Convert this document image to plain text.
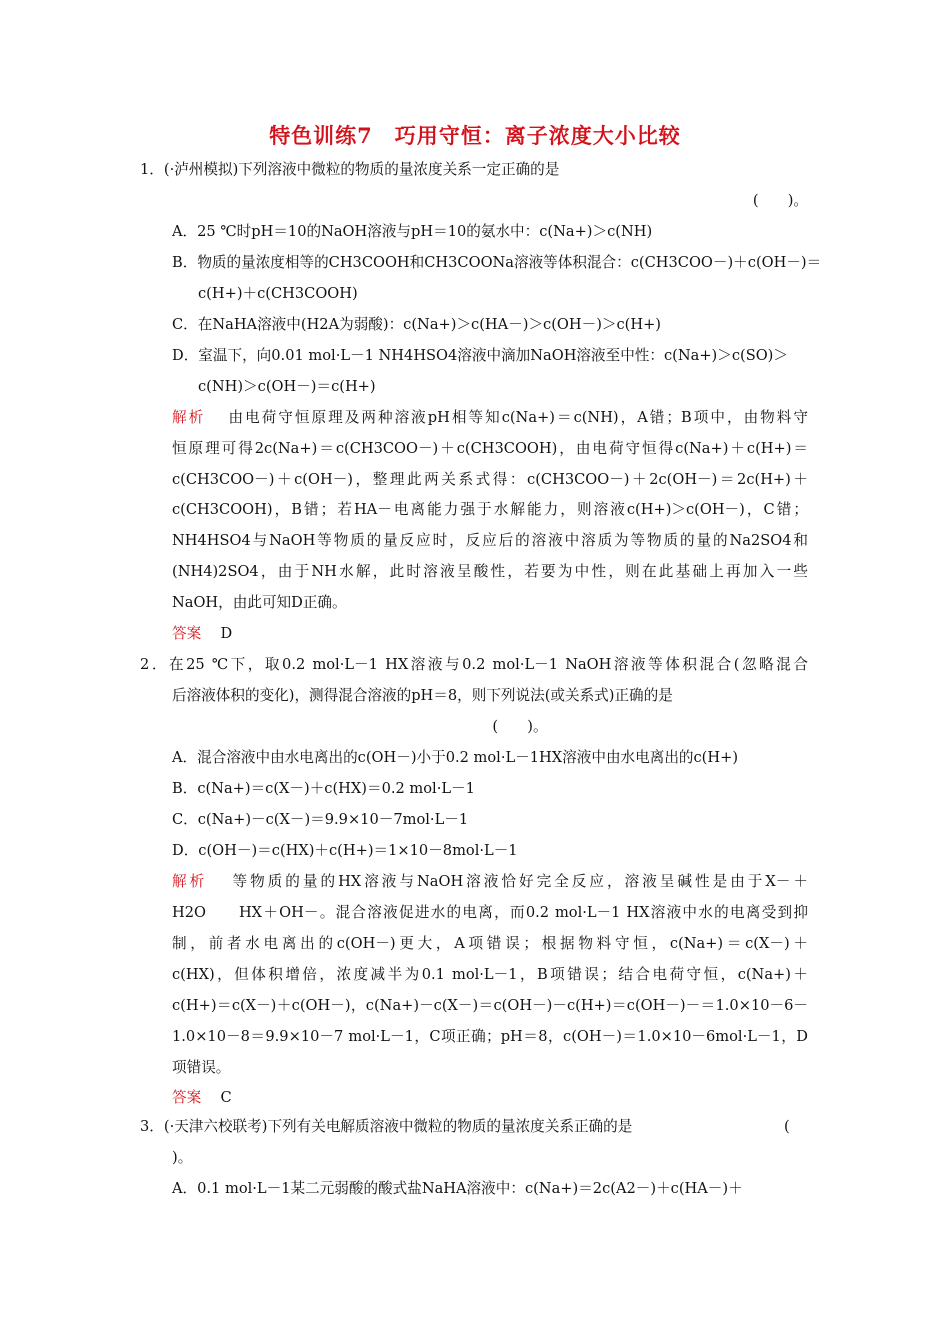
特色训练7　巧用守恒：离子浓度大小比较
1．(·泸州模拟)下列溶液中微粒的物质的量浓度关系一定正确的是
(　　)。
A．25 ℃时pH＝10的NaOH溶液与pH＝10的氨水中：c(Na+)＞c(NH)
B．物质的量浓度相等的CH3COOH和CH3COONa溶液等体积混合：c(CH3COO－)＋c(OH－)＝
c(H+)＋c(CH3COOH)
C．在NaHA溶液中(H2A为弱酸)：c(Na+)＞c(HA－)＞c(OH－)＞c(H+)
D．室温下，向0.01 mol·L－1 NH4HSO4溶液中滴加NaOH溶液至中性：c(Na+)＞c(SO)＞
c(NH)＞c(OH－)＝c(H+)
解析　 由电荷守恒原理及两种溶液pH相等知c(Na+)＝c(NH)，A错；B项中，由物料守
恒原理可得2c(Na+)＝c(CH3COO－)＋c(CH3COOH)，由电荷守恒得c(Na+)＋c(H+)＝
c(CH3COO－)＋c(OH－)，整理此两关系式得：c(CH3COO－)＋2c(OH－)＝2c(H+)＋
c(CH3COOH)，B错；若HA－电离能力强于水解能力，则溶液c(H+)＞c(OH－)，C错；
NH4HSO4与NaOH等物质的量反应时，反应后的溶液中溶质为等物质的量的Na2SO4和
(NH4)2SO4，由于NH水解，此时溶液呈酸性，若要为中性，则在此基础上再加入一些
NaOH，由此可知D正确。
答案　 D
2．在25 ℃下，取0.2 mol·L－1 HX溶液与0.2 mol·L－1 NaOH溶液等体积混合(忽略混合
后溶液体积的变化)，测得混合溶液的pH＝8，则下列说法(或关系式)正确的是
(　　)。
A．混合溶液中由水电离出的c(OH－)小于0.2 mol·L－1HX溶液中由水电离出的c(H+)
B．c(Na+)＝c(X－)＋c(HX)＝0.2 mol·L－1
C．c(Na+)－c(X－)＝9.9×10－7mol·L－1
D．c(OH－)＝c(HX)＋c(H+)＝1×10－8mol·L－1
解析　 等物质的量的HX溶液与NaOH溶液恰好完全反应，溶液呈碱性是由于X－＋
H2O　　HX＋OH－。混合溶液促进水的电离，而0.2 mol·L－1 HX溶液中水的电离受到抑
制，前者水电离出的c(OH－)更大，A项错误；根据物料守恒，c(Na+)＝c(X－)＋
c(HX)，但体积增倍，浓度减半为0.1 mol·L－1，B项错误；结合电荷守恒，c(Na+)＋
c(H+)＝c(X－)＋c(OH－)，c(Na+)－c(X－)＝c(OH－)－c(H+)＝c(OH－)－＝1.0×10－6－
1.0×10－8＝9.9×10－7 mol·L－1，C项正确；pH＝8，c(OH－)＝1.0×10－6mol·L－1，D
项错误。
答案　 C
3．(·天津六校联考)下列有关电解质溶液中微粒的物质的量浓度关系正确的是	(
)。
A．0.1 mol·L－1某二元弱酸的酸式盐NaHA溶液中：c(Na+)＝2c(A2－)＋c(HA－)＋
